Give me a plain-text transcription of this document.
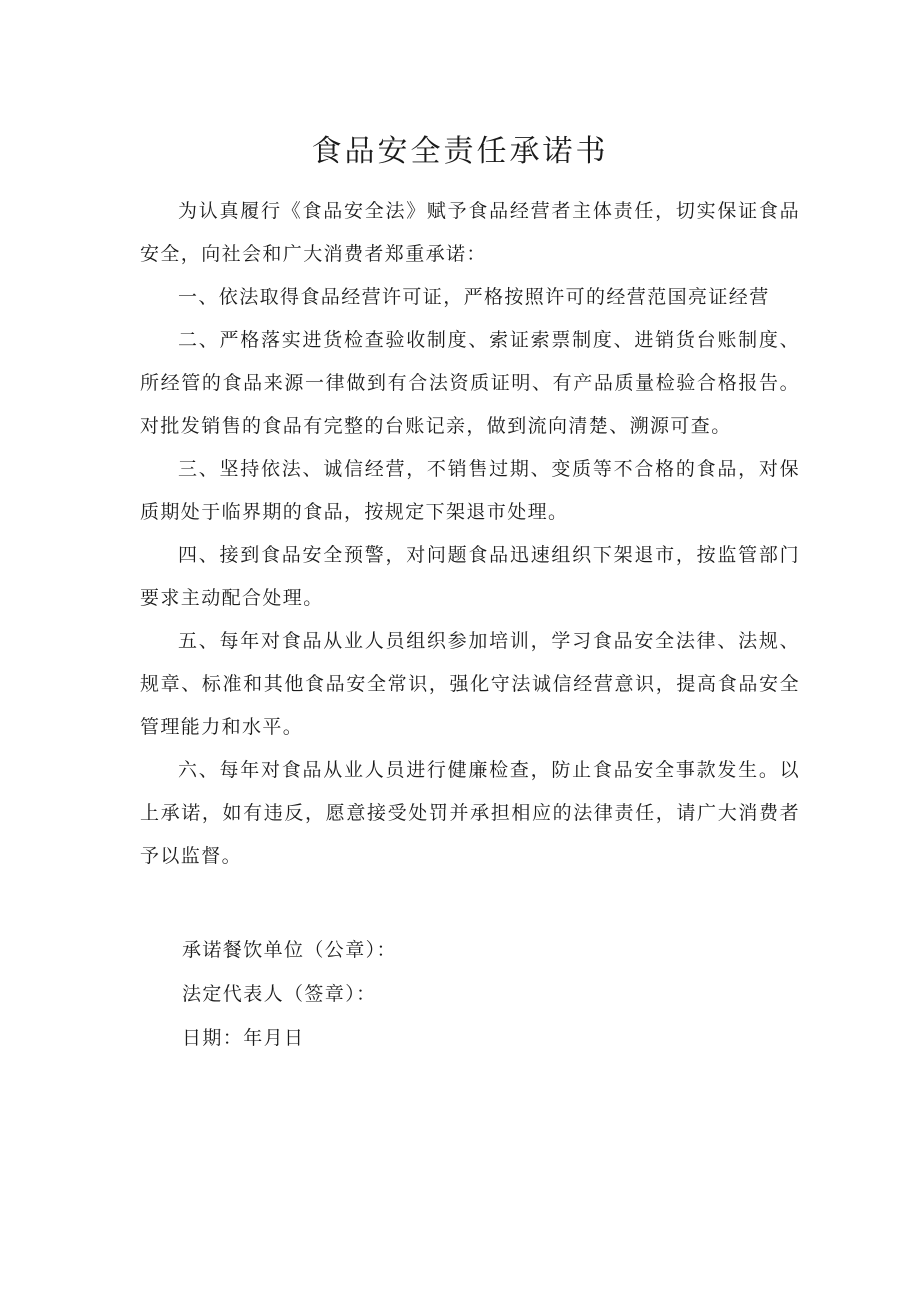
食品安全责任承诺书

为认真履行《食品安全法》赋予食品经营者主体责任，切实保证食品安全，向社会和广大消费者郑重承诺：

一、依法取得食品经营许可证，严格按照许可的经营范国亮证经营

二、严格落实进货检查验收制度、索证索票制度、进销货台账制度、所经管的食品来源一律做到有合法资质证明、有产品质量检验合格报告。对批发销售的食品有完整的台账记亲，做到流向清楚、溯源可查。

三、坚持依法、诚信经营，不销售过期、变质等不合格的食品，对保质期处于临界期的食品，按规定下架退市处理。

四、接到食品安全预警，对问题食品迅速组织下架退市，按监管部门要求主动配合处理。

五、每年对食品从业人员组织参加培训，学习食品安全法律、法规、规章、标准和其他食品安全常识，强化守法诚信经营意识，提高食品安全管理能力和水平。

六、每年对食品从业人员进行健廉检查，防止食品安全事款发生。以上承诺，如有违反，愿意接受处罚并承担相应的法律责任，请广大消费者予以监督。

承诺餐饮单位（公章）：
法定代表人（签章）：
日期：年月日
